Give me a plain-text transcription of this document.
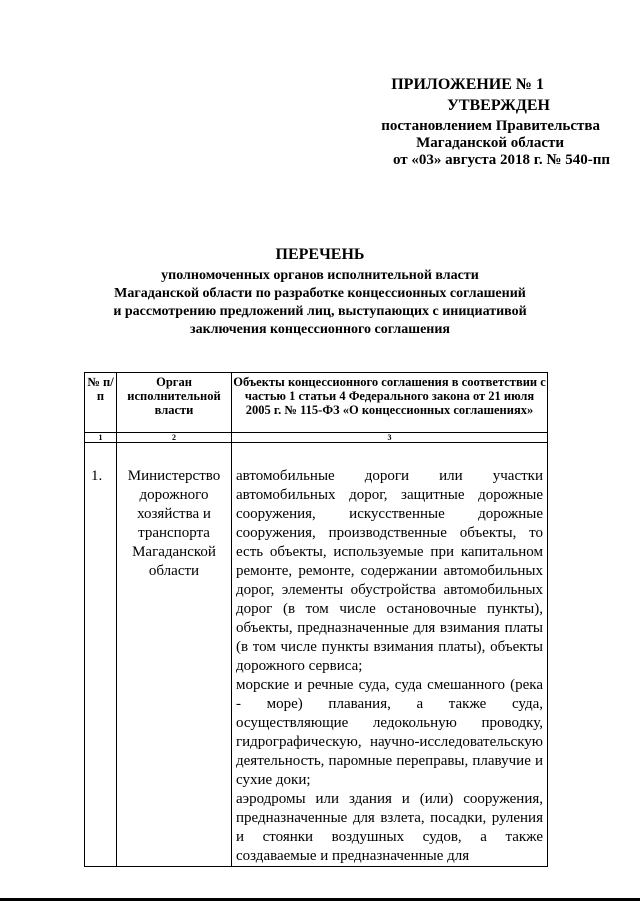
ПРИЛОЖЕНИЕ № 1
УТВЕРЖДЕН
постановлением Правительства
Магаданской области
от «03» августа 2018 г. № 540-пп
ПЕРЕЧЕНЬ
уполномоченных органов исполнительной власти
Магаданской области по разработке концессионных соглашений
и рассмотрению предложений лиц, выступающих с инициативой
заключения концессионного соглашения
№ п/п	Орган исполнительной власти	Объекты концессионного соглашения в соответствии с частью 1 статьи 4 Федерального закона от 21 июля 2005 г. № 115-ФЗ «О концессионных соглашениях»
1	2	3
1.	Министерство дорожного хозяйства и транспорта Магаданской области	автомобильные дороги или участки автомобильных дорог, защитные дорожные сооружения, искусственные дорожные сооружения, производственные объекты, то есть объекты, используемые при капитальном ремонте, ремонте, содержании автомобильных дорог, элементы обустройства автомобильных дорог (в том числе остановочные пункты), объекты, предназначенные для взимания платы (в том числе пункты взимания платы), объекты дорожного сервиса;

морские и речные суда, суда смешанного (река - море) плавания, а также суда, осуществляющие ледокольную проводку, гидрографическую, научно-исследовательскую деятельность, паромные переправы, плавучие и сухие доки;

аэродромы или здания и (или) сооружения, предназначенные для взлета, посадки, руления и стоянки воздушных судов, а также создаваемые и предназначенные для
